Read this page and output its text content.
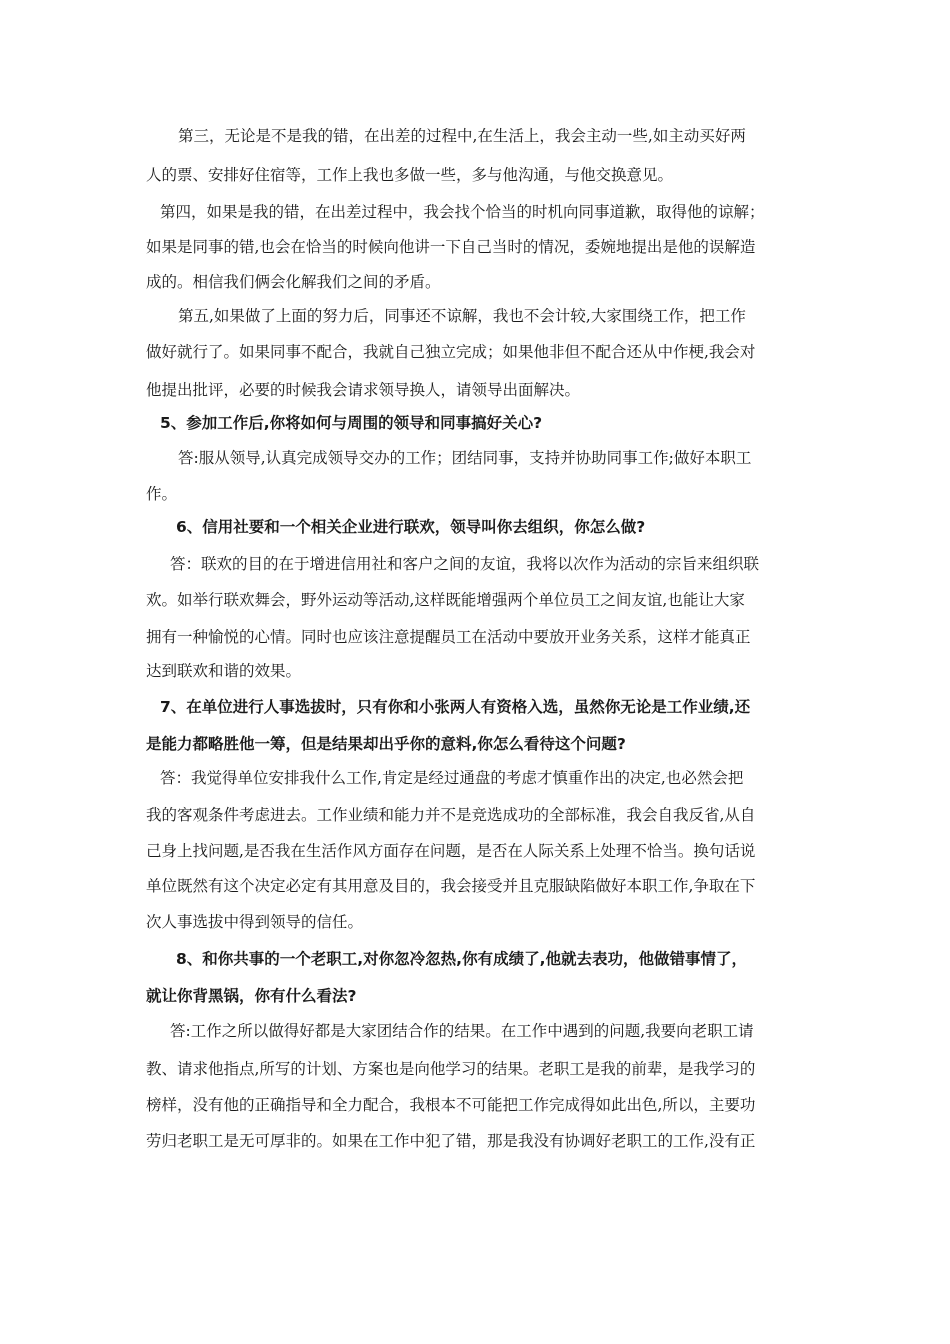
第三，无论是不是我的错，在出差的过程中,在生活上，我会主动一些,如主动买好两
人的票、安排好住宿等，工作上我也多做一些，多与他沟通，与他交换意见。
第四，如果是我的错，在出差过程中，我会找个恰当的时机向同事道歉，取得他的谅解；
如果是同事的错,也会在恰当的时候向他讲一下自己当时的情况，委婉地提出是他的误解造
成的。相信我们俩会化解我们之间的矛盾。
第五,如果做了上面的努力后，同事还不谅解，我也不会计较,大家围绕工作，把工作
做好就行了。如果同事不配合，我就自己独立完成；如果他非但不配合还从中作梗,我会对
他提出批评，必要的时候我会请求领导换人，请领导出面解决。
5、参加工作后,你将如何与周围的领导和同事搞好关心?
答:服从领导,认真完成领导交办的工作；团结同事，支持并协助同事工作;做好本职工
作。
6、信用社要和一个相关企业进行联欢，领导叫你去组织，你怎么做?
答：联欢的目的在于增进信用社和客户之间的友谊，我将以次作为活动的宗旨来组织联
欢。如举行联欢舞会，野外运动等活动,这样既能增强两个单位员工之间友谊,也能让大家
拥有一种愉悦的心情。同时也应该注意提醒员工在活动中要放开业务关系，这样才能真正
达到联欢和谐的效果。
7、在单位进行人事选拔时，只有你和小张两人有资格入选，虽然你无论是工作业绩,还
是能力都略胜他一筹，但是结果却出乎你的意料,你怎么看待这个问题?
答：我觉得单位安排我什么工作,肯定是经过通盘的考虑才慎重作出的决定,也必然会把
我的客观条件考虑进去。工作业绩和能力并不是竞选成功的全部标准，我会自我反省,从自
己身上找问题,是否我在生活作风方面存在问题，是否在人际关系上处理不恰当。换句话说
单位既然有这个决定必定有其用意及目的，我会接受并且克服缺陷做好本职工作,争取在下
次人事选拔中得到领导的信任。
8、和你共事的一个老职工,对你忽冷忽热,你有成绩了,他就去表功，他做错事情了，
就让你背黑锅，你有什么看法?
答:工作之所以做得好都是大家团结合作的结果。在工作中遇到的问题,我要向老职工请
教、请求他指点,所写的计划、方案也是向他学习的结果。老职工是我的前辈，是我学习的
榜样，没有他的正确指导和全力配合，我根本不可能把工作完成得如此出色,所以，主要功
劳归老职工是无可厚非的。如果在工作中犯了错，那是我没有协调好老职工的工作,没有正
